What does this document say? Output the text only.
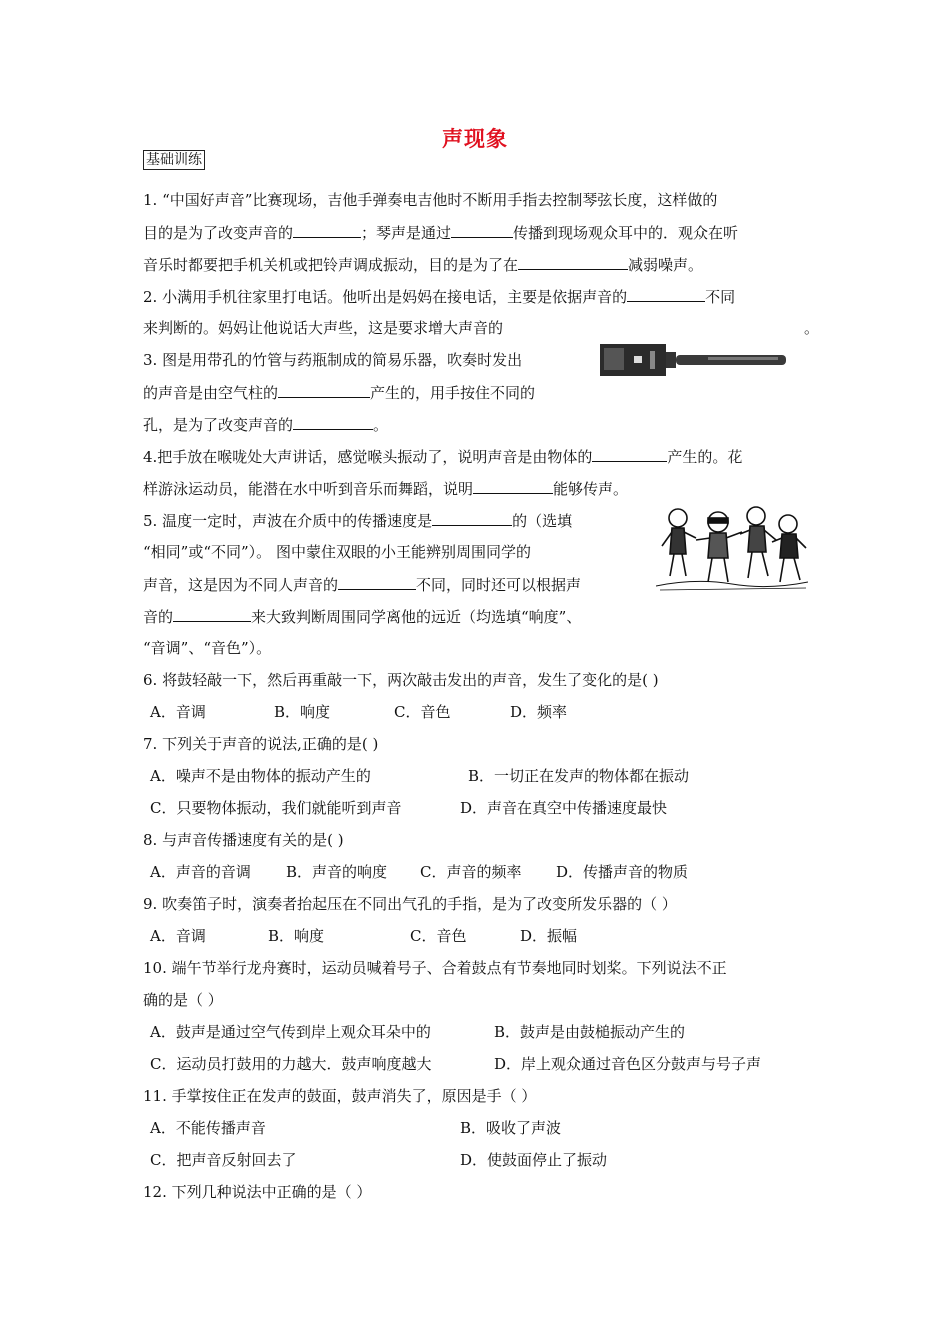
声现象
基础训练
1. “中国好声音”比赛现场，吉他手弹奏电吉他时不断用手指去控制琴弦长度，这样做的
目的是为了改变声音的	；琴声是通过	传播到现场观众耳中的．观众在听
音乐时都要把手机关机或把铃声调成振动，目的是为了在	减弱噪声。
2. 小满用手机往家里打电话。他听出是妈妈在接电话，主要是依据声音的	不同
来判断的。妈妈让他说话大声些，这是要求增大声音的	。
3. 图是用带孔的竹管与药瓶制成的简易乐器，吹奏时发出
的声音是由空气柱的	产生的，用手按住不同的
孔，是为了改变声音的	。
4.把手放在喉咙处大声讲话，感觉喉头振动了，说明声音是由物体的	产生的。花
样游泳运动员，能潜在水中听到音乐而舞蹈，说明	能够传声。
5. 温度一定时，声波在介质中的传播速度是	的（选填
“相同”或“不同”）。 图中蒙住双眼的小王能辨别周围同学的
声音，这是因为不同人声音的	不同，同时还可以根据声
音的	来大致判断周围同学离他的远近（均选填“响度”、
“音调”、“音色”）。
6. 将鼓轻敲一下，然后再重敲一下，两次敲击发出的声音，发生了变化的是( )
A．音调	B．响度	C．音色	D．频率
7. 下列关于声音的说法,正确的是( )
A．噪声不是由物体的振动产生的	B．一切正在发声的物体都在振动
C．只要物体振动，我们就能听到声音	D．声音在真空中传播速度最快
8. 与声音传播速度有关的是( )
A．声音的音调 B．声音的响度 C．声音的频率 D．传播声音的物质
9. 吹奏笛子时，演奏者抬起压在不同出气孔的手指，是为了改变所发乐器的（ ）
A．音调	B．响度	C．音色	D．振幅
10. 端午节举行龙舟赛时，运动员喊着号子、合着鼓点有节奏地同时划桨。下列说法不正
确的是（ ）
A．鼓声是通过空气传到岸上观众耳朵中的	B．鼓声是由鼓槌振动产生的
C．运动员打鼓用的力越大．鼓声响度越大	D．岸上观众通过音色区分鼓声与号子声
11. 手掌按住正在发声的鼓面，鼓声消失了，原因是手（ ）
A．不能传播声音	B．吸收了声波
C．把声音反射回去了	D．使鼓面停止了振动
12. 下列几种说法中正确的是（ ）
